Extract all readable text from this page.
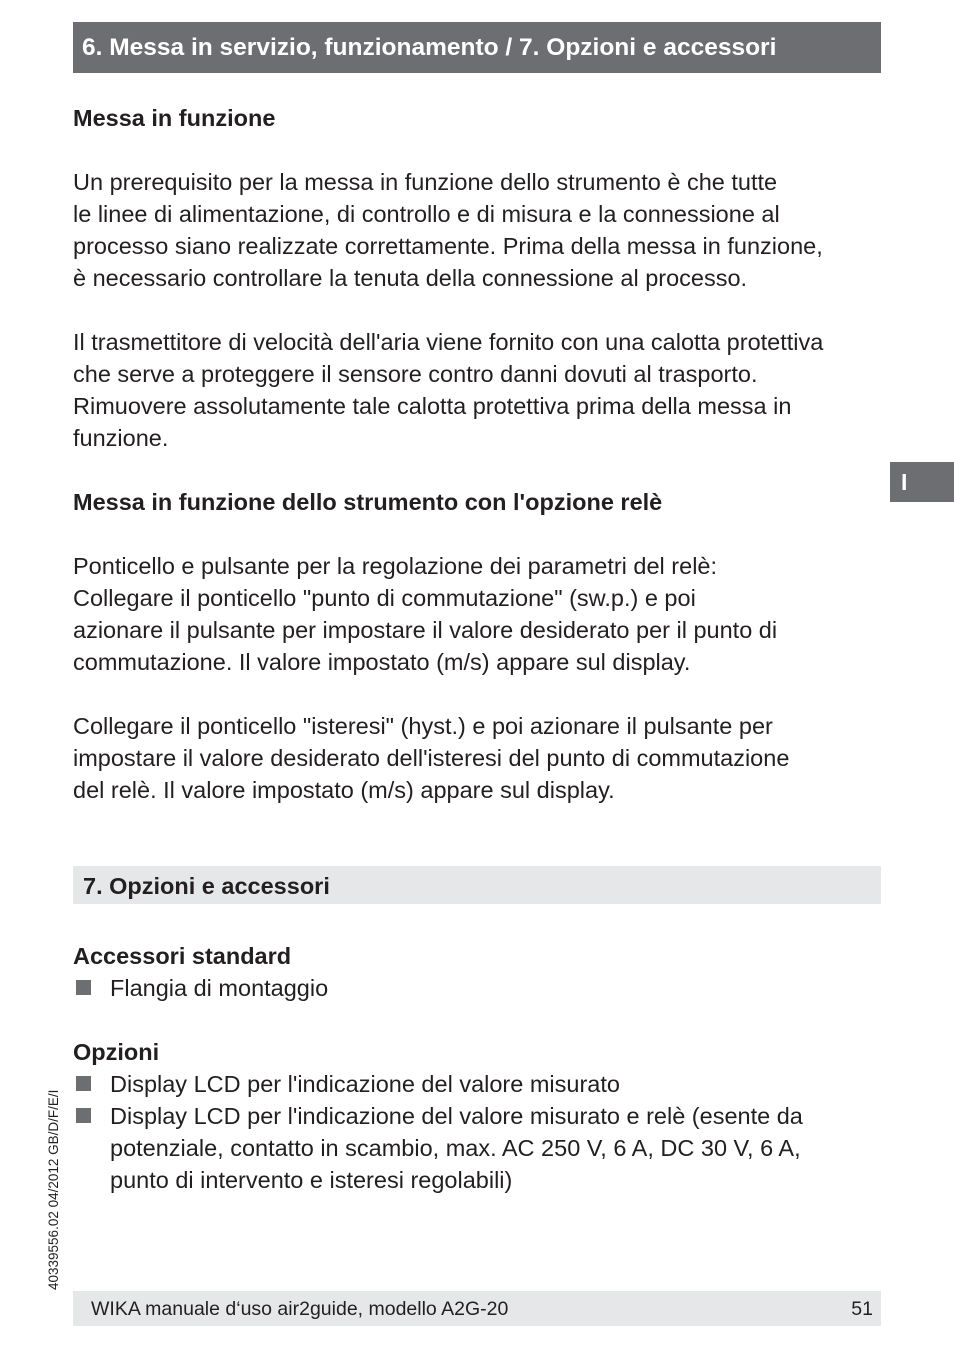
6. Messa in servizio, funzionamento / 7. Opzioni e accessori
Messa in funzione

Un prerequisito per la messa in funzione dello strumento è che tutte
le linee di alimentazione, di controllo e di misura e la connessione al
processo siano realizzate correttamente. Prima della messa in funzione,
è necessario controllare la tenuta della connessione al processo.

Il trasmettitore di velocità dell'aria viene fornito con una calotta protettiva
che serve a proteggere il sensore contro danni dovuti al trasporto.
Rimuovere assolutamente tale calotta protettiva prima della messa in
funzione.

Messa in funzione dello strumento con l'opzione relè

Ponticello e pulsante per la regolazione dei parametri del relè:
Collegare il ponticello "punto di commutazione" (sw.p.) e poi
azionare il pulsante per impostare il valore desiderato per il punto di
commutazione. Il valore impostato (m/s) appare sul display.

Collegare il ponticello "isteresi" (hyst.) e poi azionare il pulsante per
impostare il valore desiderato dell'isteresi del punto di commutazione
del relè. Il valore impostato (m/s) appare sul display.

7. Opzioni e accessori
Accessori standard
Flangia di montaggio
Opzioni
Display LCD per l'indicazione del valore misurato
Display LCD per l'indicazione del valore misurato e relè (esente da
potenziale, contatto in scambio, max. AC 250 V, 6 A, DC 30 V, 6 A,
punto di intervento e isteresi regolabili)
I
40339556.02 04/2012 GB/D/F/E/I
WIKA manuale d‘uso air2guide, modello A2G-20	51
